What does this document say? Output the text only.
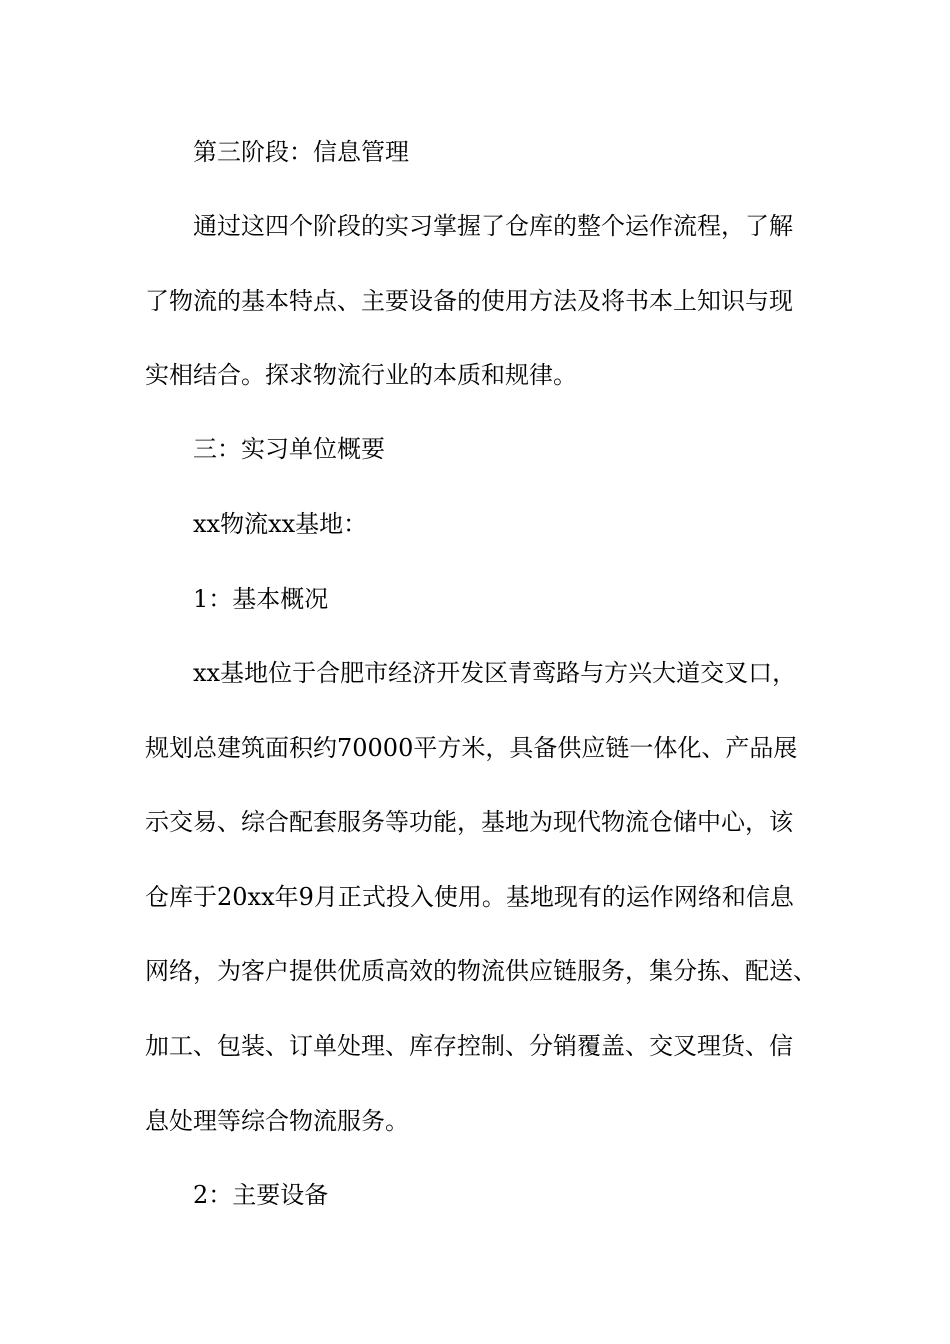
第三阶段：信息管理
通过这四个阶段的实习掌握了仓库的整个运作流程，了解
了物流的基本特点、主要设备的使用方法及将书本上知识与现
实相结合。探求物流行业的本质和规律。
三：实习单位概要
xx物流xx基地：
1：基本概况
xx基地位于合肥市经济开发区青鸾路与方兴大道交叉口，
规划总建筑面积约70000平方米，具备供应链一体化、产品展
示交易、综合配套服务等功能，基地为现代物流仓储中心，该
仓库于20xx年9月正式投入使用。基地现有的运作网络和信息
网络，为客户提供优质高效的物流供应链服务，集分拣、配送、
加工、包装、订单处理、库存控制、分销覆盖、交叉理货、信
息处理等综合物流服务。
2：主要设备
